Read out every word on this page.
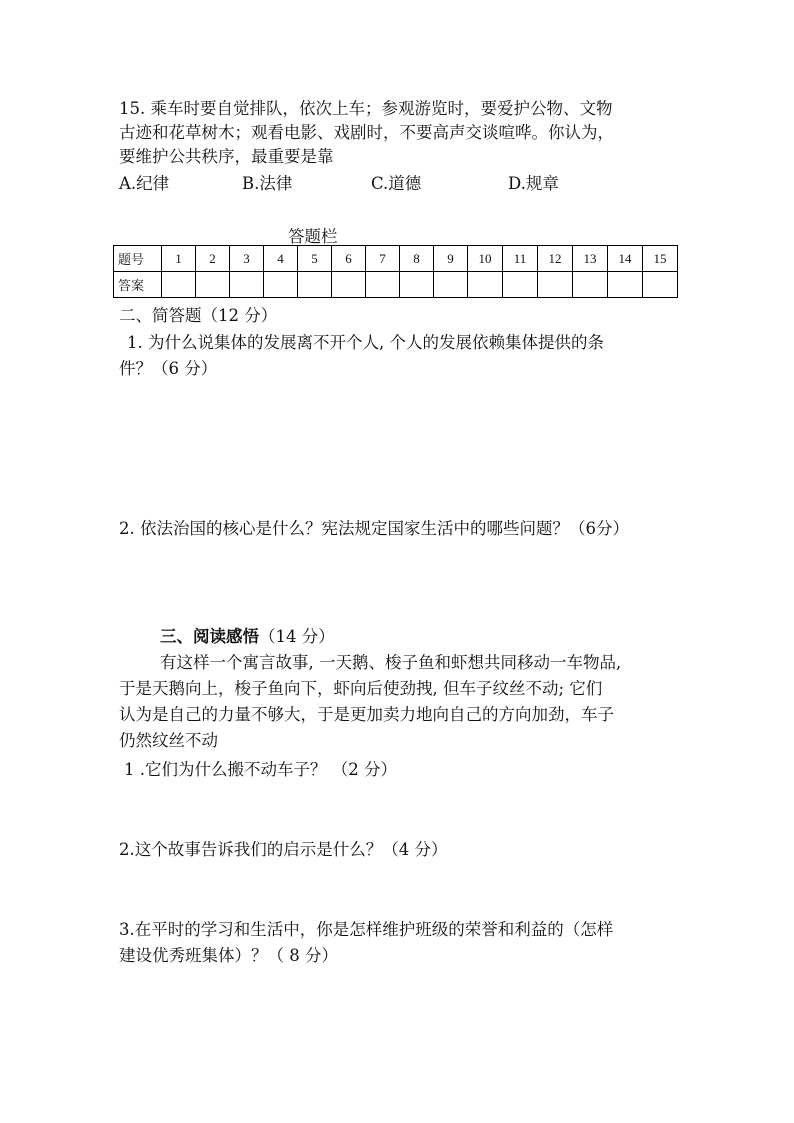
15. 乘车时要自觉排队，依次上车；参观游览时，要爱护公物、文物
古迹和花草树木；观看电影、戏剧时，不要高声交谈喧哗。你认为，
要维护公共秩序，最重要是靠
A.纪律	B.法律	C.道德	D.规章
答题栏
题号	1	2	3	4	5	6	7	8	9	10	11	12	13	14	15
答案															
二、简答题（12 分）
1. 为什么说集体的发展离不开个人, 个人的发展依赖集体提供的条
件？（6 分）
2. 依法治国的核心是什么？宪法规定国家生活中的哪些问题？（6分）
三、阅读感悟（14 分）
有这样一个寓言故事, 一天鹅、梭子鱼和虾想共同移动一车物品,
于是天鹅向上，梭子鱼向下，虾向后使劲拽, 但车子纹丝不动; 它们
认为是自己的力量不够大，于是更加卖力地向自己的方向加劲，车子
仍然纹丝不动
1 .它们为什么搬不动车子？ （2 分）
2.这个故事告诉我们的启示是什么？（4 分）
3.在平时的学习和生活中，你是怎样维护班级的荣誉和利益的（怎样
建设优秀班集体）？（ 8 分）
